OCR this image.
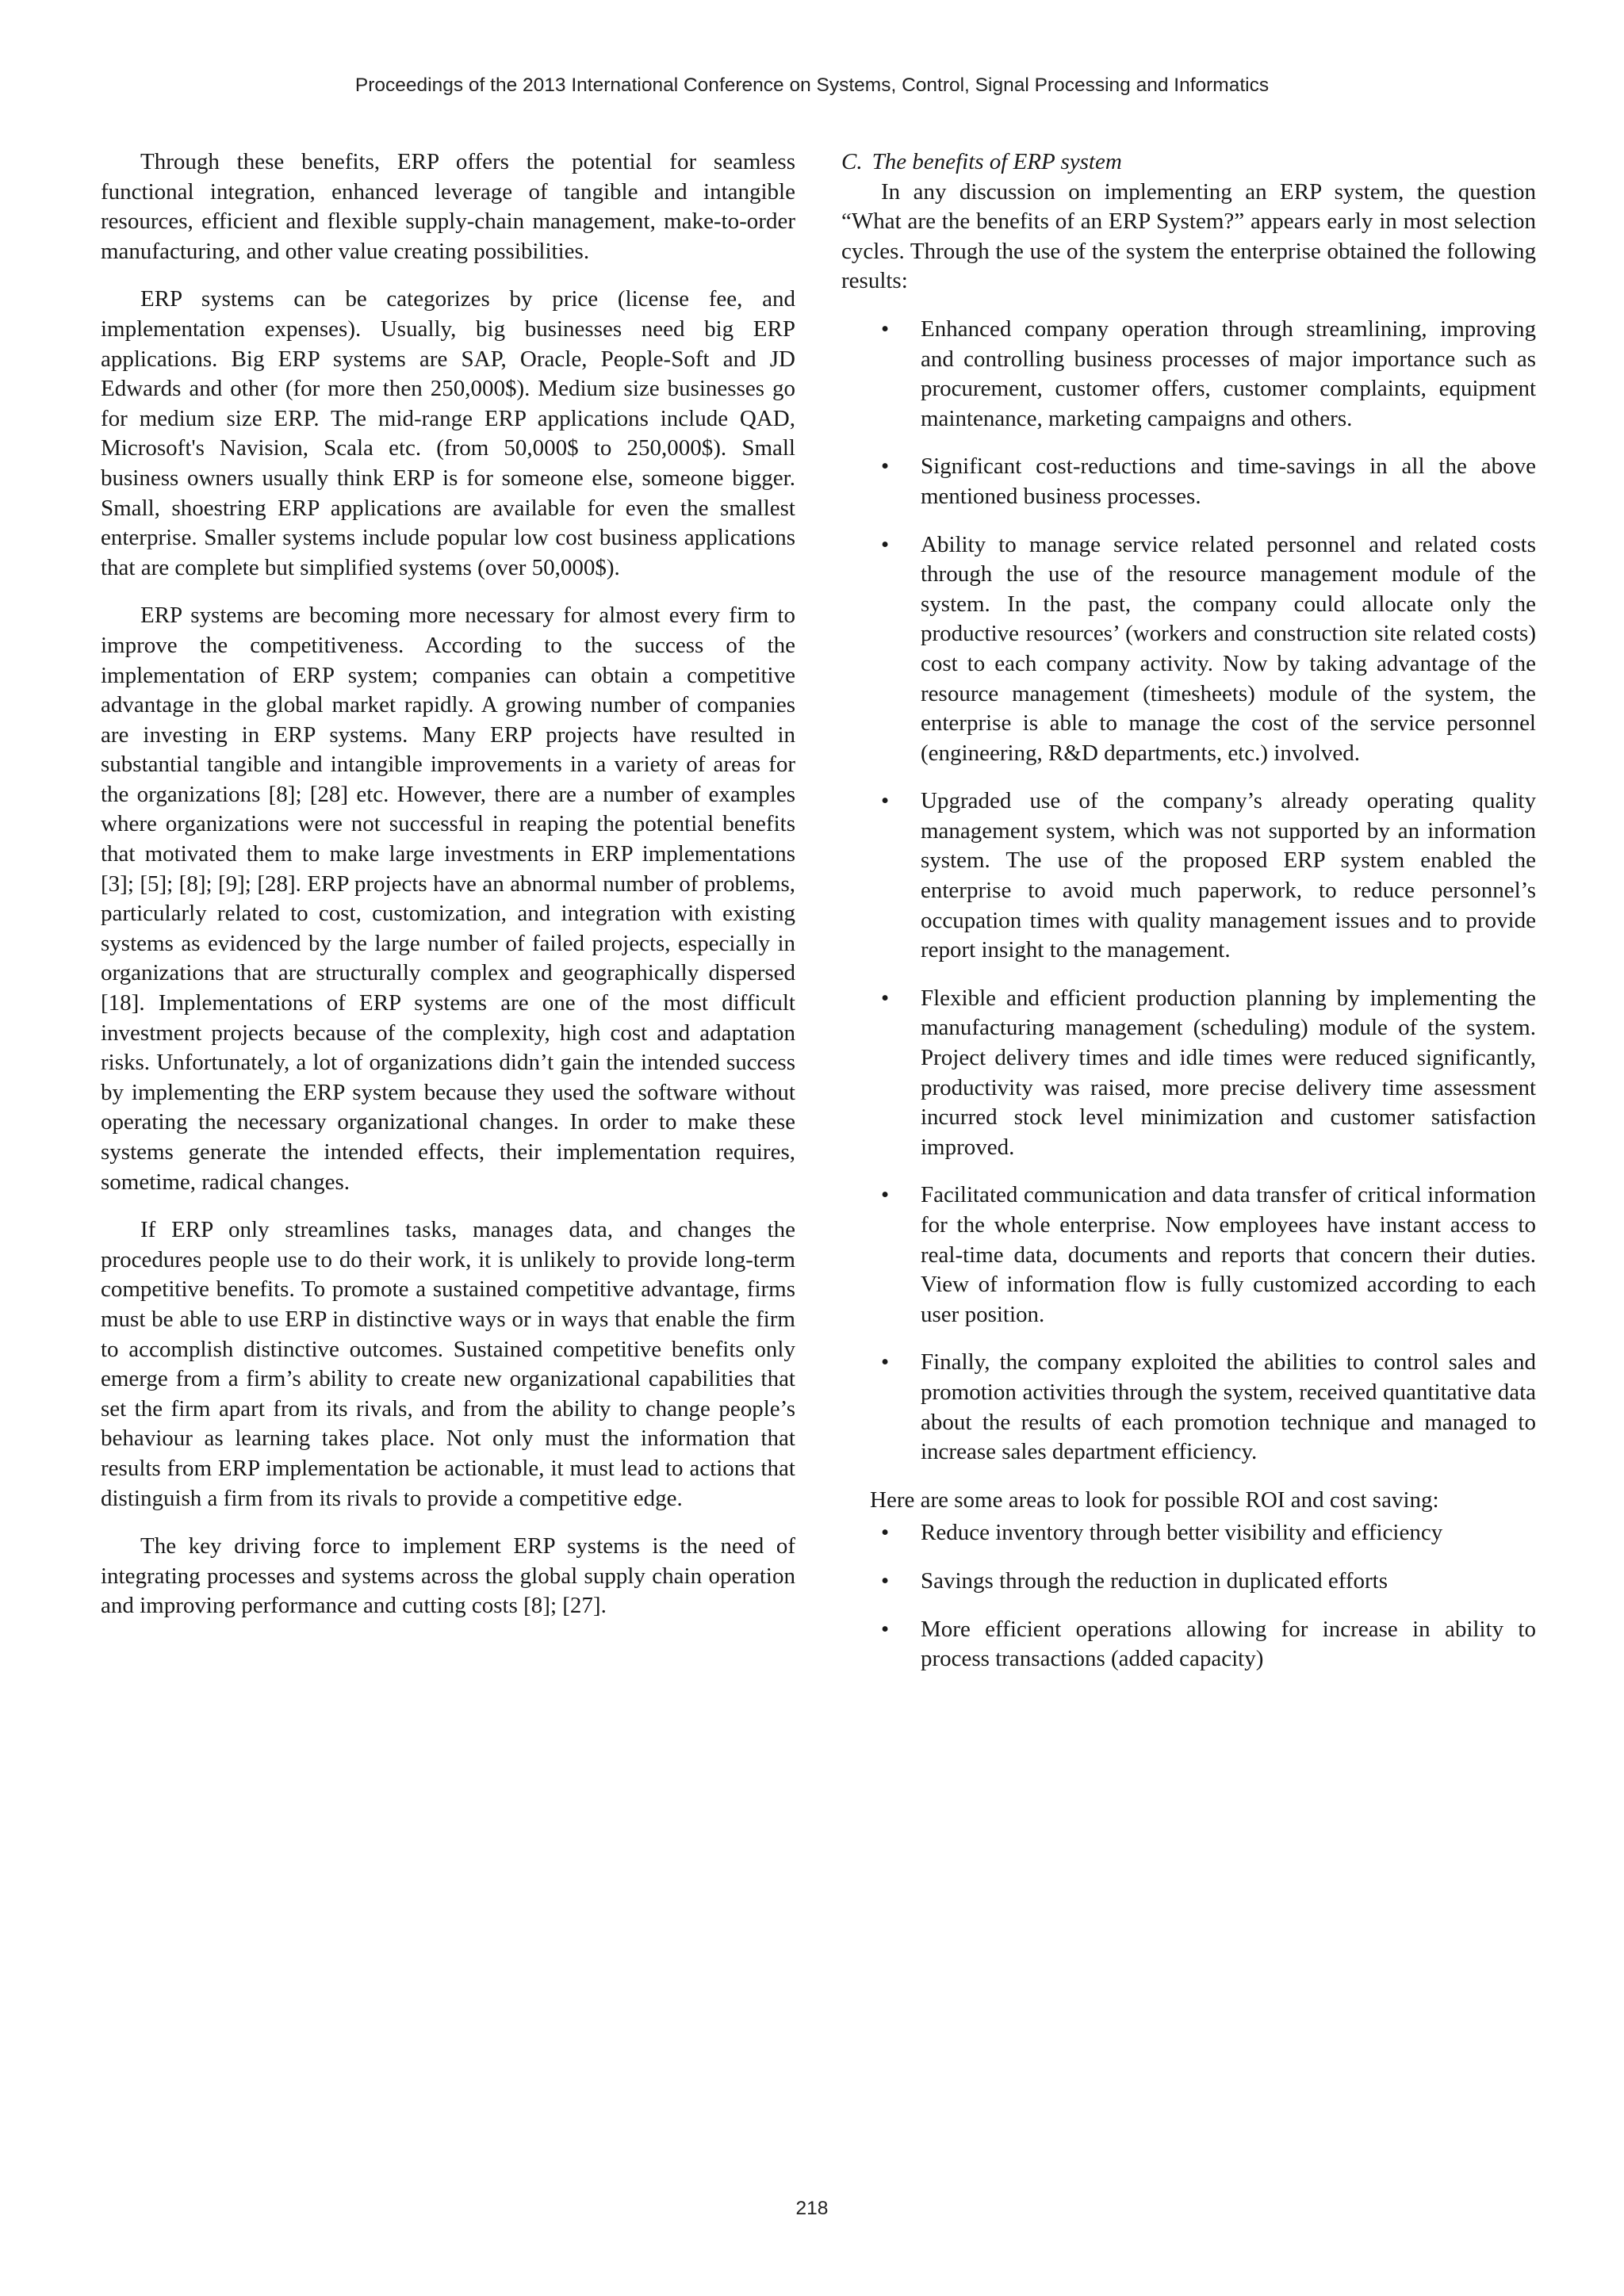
Proceedings of the 2013 International Conference on Systems, Control, Signal Processing and Informatics

Through these benefits, ERP offers the potential for seamless functional integration, enhanced leverage of tangible and intangible resources, efficient and flexible supply-chain management, make-to-order manufacturing, and other value creating possibilities.

ERP systems can be categorizes by price (license fee, and implementation expenses). Usually, big businesses need big ERP applications. Big ERP systems are SAP, Oracle, People-Soft and JD Edwards and other (for more then 250,000$). Medium size businesses go for medium size ERP. The mid-range ERP applications include QAD, Microsoft's Navision, Scala etc. (from 50,000$ to 250,000$). Small business owners usually think ERP is for someone else, someone bigger. Small, shoestring ERP applications are available for even the smallest enterprise. Smaller systems include popular low cost business applications that are complete but simplified systems (over 50,000$).

ERP systems are becoming more necessary for almost every firm to improve the competitiveness. According to the success of the implementation of ERP system; companies can obtain a competitive advantage in the global market rapidly. A growing number of companies are investing in ERP systems. Many ERP projects have resulted in substantial tangible and intangible improvements in a variety of areas for the organizations [8]; [28] etc. However, there are a number of examples where organizations were not successful in reaping the potential benefits that motivated them to make large investments in ERP implementations [3]; [5]; [8]; [9]; [28]. ERP projects have an abnormal number of problems, particularly related to cost, customization, and integration with existing systems as evidenced by the large number of failed projects, especially in organizations that are structurally complex and geographically dispersed [18]. Implementations of ERP systems are one of the most difficult investment projects because of the complexity, high cost and adaptation risks. Unfortunately, a lot of organizations didn’t gain the intended success by implementing the ERP system because they used the software without operating the necessary organizational changes. In order to make these systems generate the intended effects, their implementation requires, sometime, radical changes.

If ERP only streamlines tasks, manages data, and changes the procedures people use to do their work, it is unlikely to provide long-term competitive benefits. To promote a sustained competitive advantage, firms must be able to use ERP in distinctive ways or in ways that enable the firm to accomplish distinctive outcomes. Sustained competitive benefits only emerge from a firm’s ability to create new organizational capabilities that set the firm apart from its rivals, and from the ability to change people’s behaviour as learning takes place. Not only must the information that results from ERP implementation be actionable, it must lead to actions that distinguish a firm from its rivals to provide a competitive edge.

The key driving force to implement ERP systems is the need of integrating processes and systems across the global supply chain operation and improving performance and cutting costs [8]; [27].

C. The benefits of ERP system

In any discussion on implementing an ERP system, the question “What are the benefits of an ERP System?” appears early in most selection cycles. Through the use of the system the enterprise obtained the following results:

• Enhanced company operation through streamlining, improving and controlling business processes of major importance such as procurement, customer offers, customer complaints, equipment maintenance, marketing campaigns and others.
• Significant cost-reductions and time-savings in all the above mentioned business processes.
• Ability to manage service related personnel and related costs through the use of the resource management module of the system. In the past, the company could allocate only the productive resources’ (workers and construction site related costs) cost to each company activity. Now by taking advantage of the resource management (timesheets) module of the system, the enterprise is able to manage the cost of the service personnel (engineering, R&D departments, etc.) involved.
• Upgraded use of the company’s already operating quality management system, which was not supported by an information system. The use of the proposed ERP system enabled the enterprise to avoid much paperwork, to reduce personnel’s occupation times with quality management issues and to provide report insight to the management.
• Flexible and efficient production planning by implementing the manufacturing management (scheduling) module of the system. Project delivery times and idle times were reduced significantly, productivity was raised, more precise delivery time assessment incurred stock level minimization and customer satisfaction improved.
• Facilitated communication and data transfer of critical information for the whole enterprise. Now employees have instant access to real-time data, documents and reports that concern their duties. View of information flow is fully customized according to each user position.
• Finally, the company exploited the abilities to control sales and promotion activities through the system, received quantitative data about the results of each promotion technique and managed to increase sales department efficiency.

Here are some areas to look for possible ROI and cost saving:

• Reduce inventory through better visibility and efficiency
• Savings through the reduction in duplicated efforts
• More efficient operations allowing for increase in ability to process transactions (added capacity)
218
